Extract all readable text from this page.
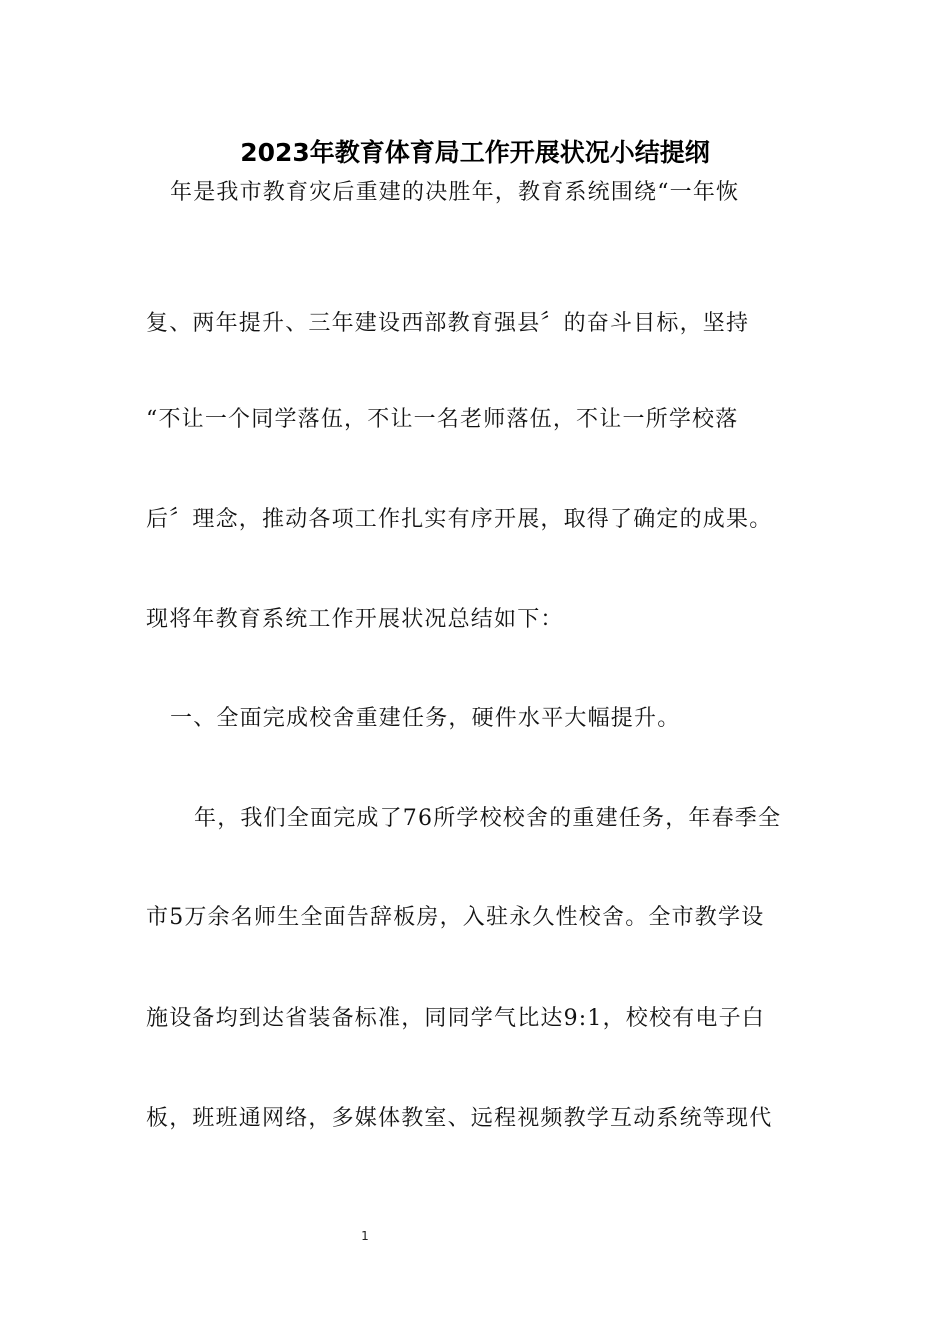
2023年教育体育局工作开展状况小结提纲
年是我市教育灾后重建的决胜年，教育系统围绕“一年恢
复、两年提升、三年建设西部教育强县〞的奋斗目标，坚持
“不让一个同学落伍，不让一名老师落伍，不让一所学校落
后〞理念，推动各项工作扎实有序开展，取得了确定的成果。
现将年教育系统工作开展状况总结如下：
一、全面完成校舍重建任务，硬件水平大幅提升。
年，我们全面完成了76所学校校舍的重建任务，年春季全
市5万余名师生全面告辞板房，入驻永久性校舍。全市教学设
施设备均到达省装备标准，同同学气比达9:1，校校有电子白
板，班班通网络，多媒体教室、远程视频教学互动系统等现代
1
